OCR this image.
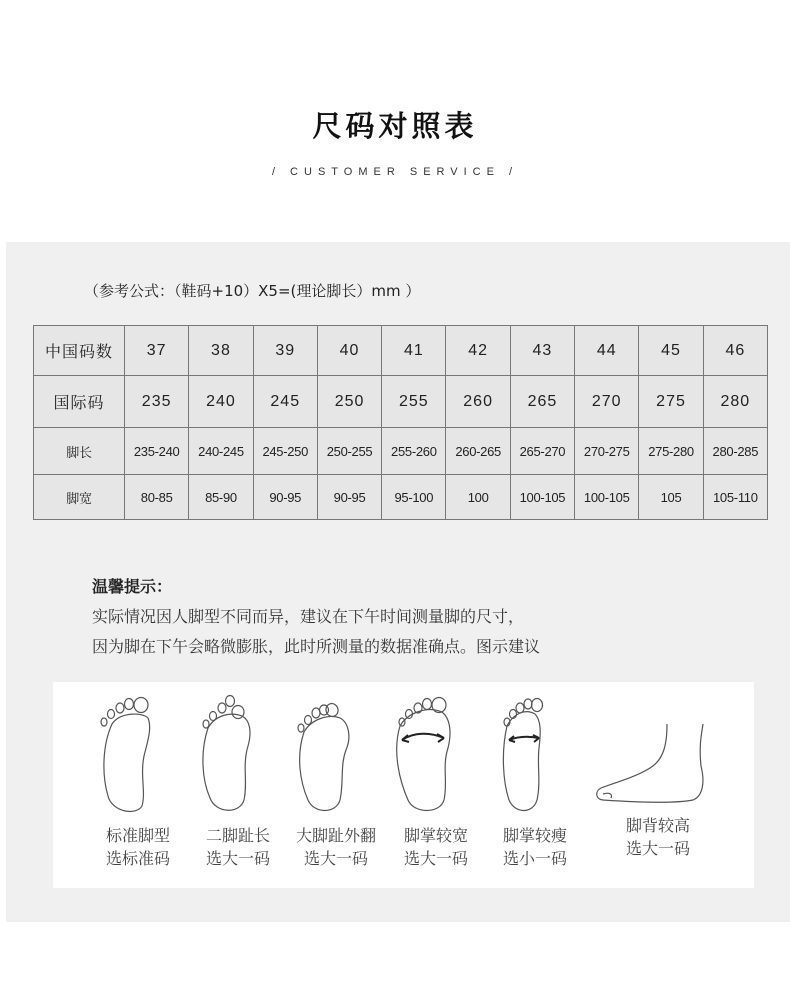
尺码对照表
/ CUSTOMER SERVICE /
（参考公式：（鞋码+10）X5=(理论脚长）mm ）
中国码数	37	38	39	40	41	42	43	44	45	46
国际码	235	240	245	250	255	260	265	270	275	280
脚长	235-240	240-245	245-250	250-255	255-260	260-265	265-270	270-275	275-280	280-285
脚宽	80-85	85-90	90-95	90-95	95-100	100	100-105	100-105	105	105-110
温馨提示：
实际情况因人脚型不同而异，建议在下午时间测量脚的尺寸，
因为脚在下午会略微膨胀，此时所测量的数据准确点。图示建议
标准脚型
选标准码
二脚趾长
选大一码
大脚趾外翻
选大一码
脚掌较宽
选大一码
脚掌较瘦
选小一码
脚背较高
选大一码
